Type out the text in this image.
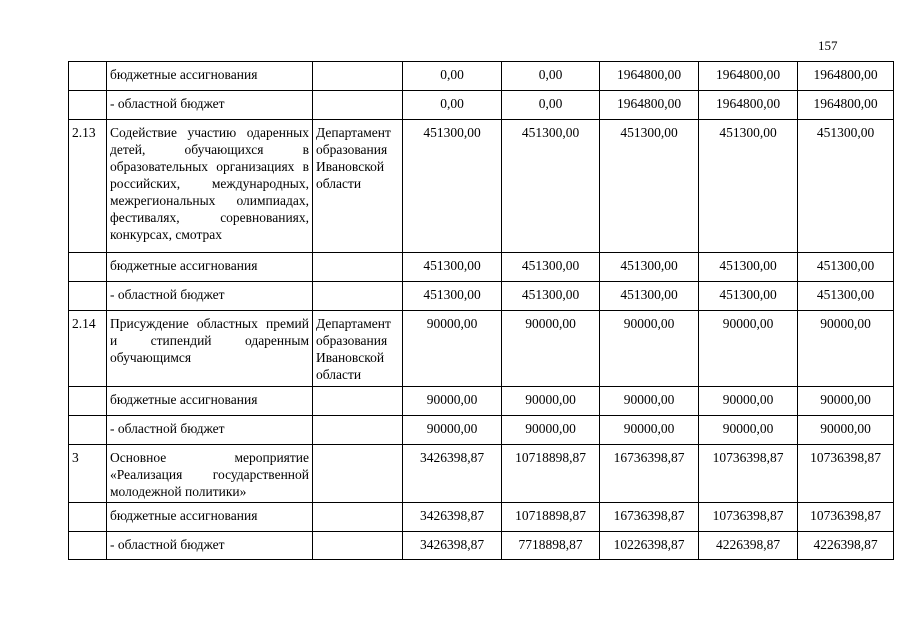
157
	бюджетные ассигнования		0,00	0,00	1964800,00	1964800,00	1964800,00
	- областной бюджет		0,00	0,00	1964800,00	1964800,00	1964800,00
2.13	Содействие участию одаренных детей, обучающихся в образовательных организациях в российских, международных, межрегиональных олимпиадах, фестивалях, соревнованиях, конкурсах, смотрах	Департамент образования Ивановской области	451300,00	451300,00	451300,00	451300,00	451300,00
	бюджетные ассигнования		451300,00	451300,00	451300,00	451300,00	451300,00
	- областной бюджет		451300,00	451300,00	451300,00	451300,00	451300,00
2.14	Присуждение областных премий и стипендий одаренным обучающимся	Департамент образования Ивановской области	90000,00	90000,00	90000,00	90000,00	90000,00
	бюджетные ассигнования		90000,00	90000,00	90000,00	90000,00	90000,00
	- областной бюджет		90000,00	90000,00	90000,00	90000,00	90000,00
3	Основное мероприятие «Реализация государственной молодежной политики»		3426398,87	10718898,87	16736398,87	10736398,87	10736398,87
	бюджетные ассигнования		3426398,87	10718898,87	16736398,87	10736398,87	10736398,87
	- областной бюджет		3426398,87	7718898,87	10226398,87	4226398,87	4226398,87
